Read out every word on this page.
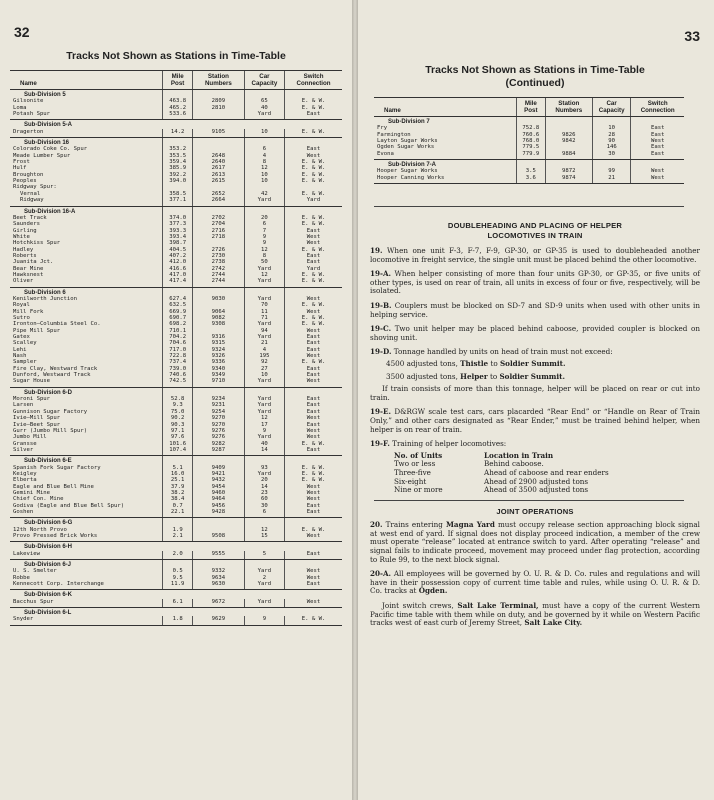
32
Tracks Not Shown as Stations in Time-Table
Name	Mile Post	Station Numbers	Car Capacity	Switch Connection
Sub-Division 5				
Gilsonite	463.8	2809	65	E. & W.
Loma	465.2	2810	40	E. & W.
Potash Spur	533.6		Yard	East
Sub-Division 5-A				
Dragerton	14.2	9105	10	E. & W.
Sub-Division 16				
Colorado Coke Co. Spur	353.2		6	East
Meade Lumber Spur	353.5	2648	4	West
Frost	359.4	2640	8	E. & W.
Hulf	385.9	2617	12	E. & W.
Broughton	392.2	2613	10	E. & W.
Peoples	394.0	2615	10	E. & W.
Ridgway Spur:				
Vernal	358.5	2652	42	E. & W.
Ridgway	377.1	2664	Yard	Yard
Sub-Division 16-A				
Beet Track	374.0	2702	20	E. & W.
Saunders	377.3	2704	6	E. & W.
Girling	393.3	2716	7	East
White	393.4	2718	9	West
Hotchkiss Spur	398.7		9	West
Hadley	404.5	2726	12	E. & W.
Roberts	407.2	2730	8	East
Juanita Jct.	412.0	2738	50	East
Bear Mine	416.6	2742	Yard	Yard
Hawksnest	417.0	2744	12	E. & W.
Oliver	417.4	2744	Yard	E. & W.
Sub-Division 6				
Kenilworth Junction	627.4	9030	Yard	West
Royal	632.5		70	E. & W.
Mill Fork	669.9	9064	11	West
Sutro	690.7	9082	71	E. & W.
Ironton—Columbia Steel Co.	698.2	9308	Yard	E. & W.
Pipe Mill Spur	710.1		94	West
Gatex	704.2	9316	Yard	East
Scalley	704.6	9315	21	East
Lehi	717.0	9324	4	East
Nash	722.8	9326	195	West
Sampler	737.4	9336	92	E. & W.
Fire Clay, Westward Track	739.0	9340	27	East
Dunford, Westward Track	740.6	9349	10	East
Sugar House	742.5	9710	Yard	West
Sub-Division 6-D				
Moroni Spur	52.8	9234	Yard	East
Larsen	9.3	9231	Yard	East
Gunnison Sugar Factory	75.0	9254	Yard	East
Ivie—Mill Spur	90.2	9270	12	West
Ivie—Beet Spur	90.3	9270	17	East
Gurr (Jumbo Mill Spur)	97.1	9276	9	West
Jumbo Mill	97.6	9276	Yard	West
Gransse	101.6	9282	40	E. & W.
Silver	107.4	9287	14	East
Sub-Division 6-E				
Spanish Fork Sugar Factory	5.1	9409	93	E. & W.
Keigley	16.0	9421	Yard	E. & W.
Elberta	25.1	9432	20	E. & W.
Eagle and Blue Bell Mine	37.9	9454	14	West
Gemini Mine	38.2	9460	23	West
Chief Con. Mine	38.4	9464	60	West
Godiva (Eagle and Blue Bell Spur)	0.7	9456	30	East
Goshen	22.1	9428	6	East
Sub-Division 6-G				
12th North Provo	1.9		12	E. & W.
Provo Pressed Brick Works	2.1	9508	15	West
Sub-Division 6-H				
Lakeview	2.0	9555	5	East
Sub-Division 6-J				
U. S. Smelter	0.5	9332	Yard	West
Robbe	9.5	9634	2	West
Kennecott Corp. Interchange	11.9	9630	Yard	East
Sub-Division 6-K				
Bacchus Spur	6.1	9672	Yard	West
Sub-Division 6-L				
Snyder	1.8	9629	9	E. & W.
33
Tracks Not Shown as Stations in Time-Table
(Continued)
Name	Mile Post	Station Numbers	Car Capacity	Switch Connection
Sub-Division 7				
Fry	752.8		10	East
Farmington	760.6	9826	28	East
Layton Sugar Works	768.0	9842	90	West
Ogden Sugar Works	779.5		146	East
Evona	779.9	9884	30	East
Sub-Division 7-A				
Hooper Sugar Works	3.5	9872	99	West
Hooper Canning Works	3.6	9874	21	West
DOUBLEHEADING AND PLACING OF HELPER
LOCOMOTIVES IN TRAIN

19. When one unit F-3, F-7, F-9, GP-30, or GP-35 is used to doubleheaded another locomotive in freight service, the single unit must be placed behind the other locomotive.

19-A. When helper consisting of more than four units GP-30, or GP-35, or five units of other types, is used on rear of train, all units in excess of four or five, respectively, will be isolated.

19-B. Couplers must be blocked on SD-7 and SD-9 units when used with other units in helping service.

19-C. Two unit helper may be placed behind caboose, provided coupler is blocked on shoving unit.

19-D. Tonnage handled by units on head of train must not exceed:

4500 adjusted tons, Thistle to Soldier Summit.

3500 adjusted tons, Helper to Soldier Summit.

If train consists of more than this tonnage, helper will be placed on rear or cut into train.

19-E. D&RGW scale test cars, cars placarded “Rear End” or “Handle on Rear of Train Only,” and other cars designated as “Rear Ender,” must be trained behind helper, when helper is on rear of train.

19-F. Training of helper locomotives:

No. of Units	Location in Train
Two or less	Behind caboose.
Three-five	Ahead of caboose and rear enders
Six-eight	Ahead of 2900 adjusted tons
Nine or more	Ahead of 3500 adjusted tons
JOINT OPERATIONS

20. Trains entering Magna Yard must occupy release section approaching block signal at west end of yard. If signal does not display proceed indication, a member of the crew must operate “release” located at entrance switch to yard. After operating “release” and signal fails to indicate proceed, movement may proceed under flag protection, according to Rule 99, to the next block signal.

20-A. All employees will be governed by O. U. R. & D. Co. rules and regulations and will have in their possession copy of current time table and rules, while using O. U. R. & D. Co. tracks at Ogden.

Joint switch crews, Salt Lake Terminal, must have a copy of the current Western Pacific time table with them while on duty, and be governed by it while on Western Pacific tracks west of east curb of Jeremy Street, Salt Lake City.
